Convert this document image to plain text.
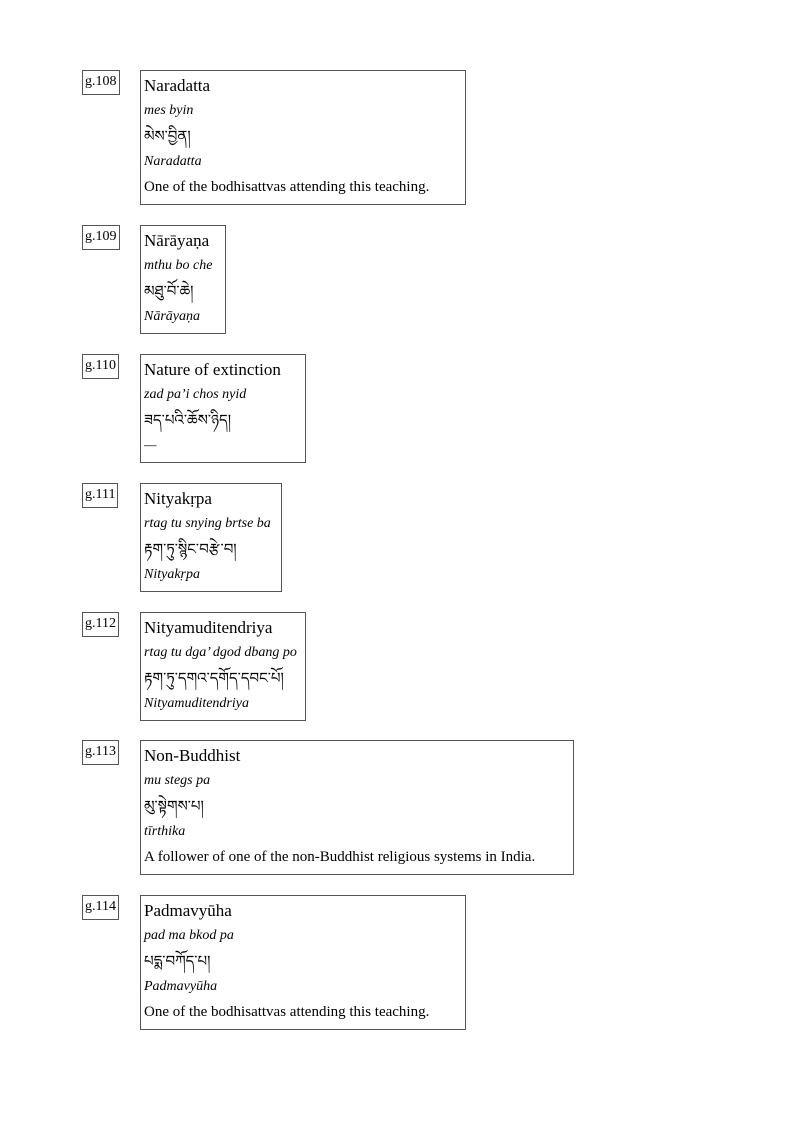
g.108 Naradatta
mes byin
མེས་བྱིན།
Naradatta
One of the bodhisattvas attending this teaching.
g.109 Nārāyaṇa
mthu bo che
མཐུ་བོ་ཆེ།
Nārāyaṇa
g.110 Nature of extinction
zad pa’i chos nyid
ཟད་པའི་ཆོས་ཉིད།
—
g.111 Nityakṛpa
rtag tu snying brtse ba
རྟག་ཏུ་སྙིང་བརྩེ་བ།
Nityakṛpa
g.112 Nityamuditendriya
rtag tu dga’ dgod dbang po
རྟག་ཏུ་དགའ་དགོད་དབང་པོ།
Nityamuditendriya
g.113 Non-Buddhist
mu stegs pa
མུ་སྟེགས་པ།
tīrthika
A follower of one of the non-Buddhist religious systems in India.
g.114 Padmavyūha
pad ma bkod pa
པདྨ་བཀོད་པ།
Padmavyūha
One of the bodhisattvas attending this teaching.
